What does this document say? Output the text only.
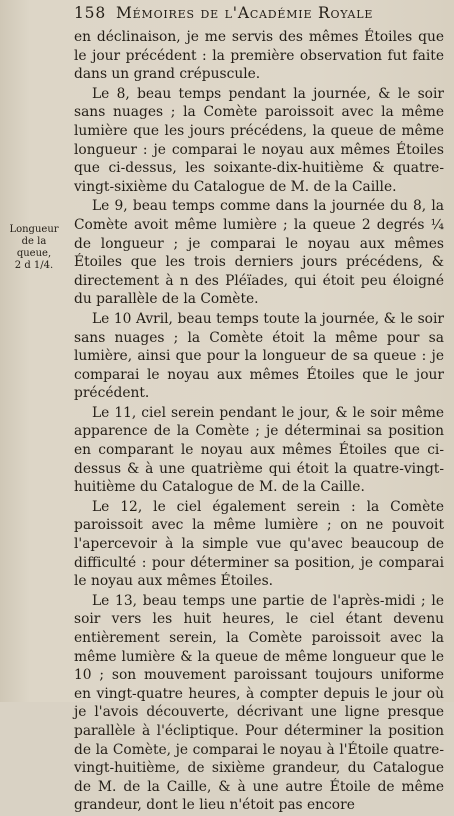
158 Mémoires de l'Académie Royale
Longueur
de la queue,
2 d 1/4.

en déclinaison, je me servis des mêmes Étoiles que le jour précédent : la première observation fut faite dans un grand crépuscule.

Le 8, beau temps pendant la journée, & le soir sans nuages ; la Comète paroissoit avec la même lumière que les jours précédens, la queue de même longueur : je comparai le noyau aux mêmes Étoiles que ci-dessus, les soixante-dix-huitième & quatre-vingt-sixième du Catalogue de M. de la Caille.

Le 9, beau temps comme dans la journée du 8, la Comète avoit même lumière ; la queue 2 degrés ¼ de longueur ; je comparai le noyau aux mêmes Étoiles que les trois derniers jours précédens, & directement à n des Pléïades, qui étoit peu éloigné du parallèle de la Comète.

Le 10 Avril, beau temps toute la journée, & le soir sans nuages ; la Comète étoit la même pour sa lumière, ainsi que pour la longueur de sa queue : je comparai le noyau aux mêmes Étoiles que le jour précédent.

Le 11, ciel serein pendant le jour, & le soir même apparence de la Comète ; je déterminai sa position en comparant le noyau aux mêmes Étoiles que ci-dessus & à une quatrième qui étoit la quatre-vingt-huitième du Catalogue de M. de la Caille.

Le 12, le ciel également serein : la Comète paroissoit avec la même lumière ; on ne pouvoit l'apercevoir à la simple vue qu'avec beaucoup de difficulté : pour déterminer sa position, je comparai le noyau aux mêmes Étoiles.

Le 13, beau temps une partie de l'après-midi ; le soir vers les huit heures, le ciel étant devenu entièrement serein, la Comète paroissoit avec la même lumière & la queue de même longueur que le 10 ; son mouvement paroissant toujours uniforme en vingt-quatre heures, à compter depuis le jour où je l'avois découverte, décrivant une ligne presque parallèle à l'écliptique. Pour déterminer la position de la Comète, je comparai le noyau à l'Étoile quatre-vingt-huitième, de sixième grandeur, du Catalogue de M. de la Caille, & à une autre Étoile de même grandeur, dont le lieu n'étoit pas encore
